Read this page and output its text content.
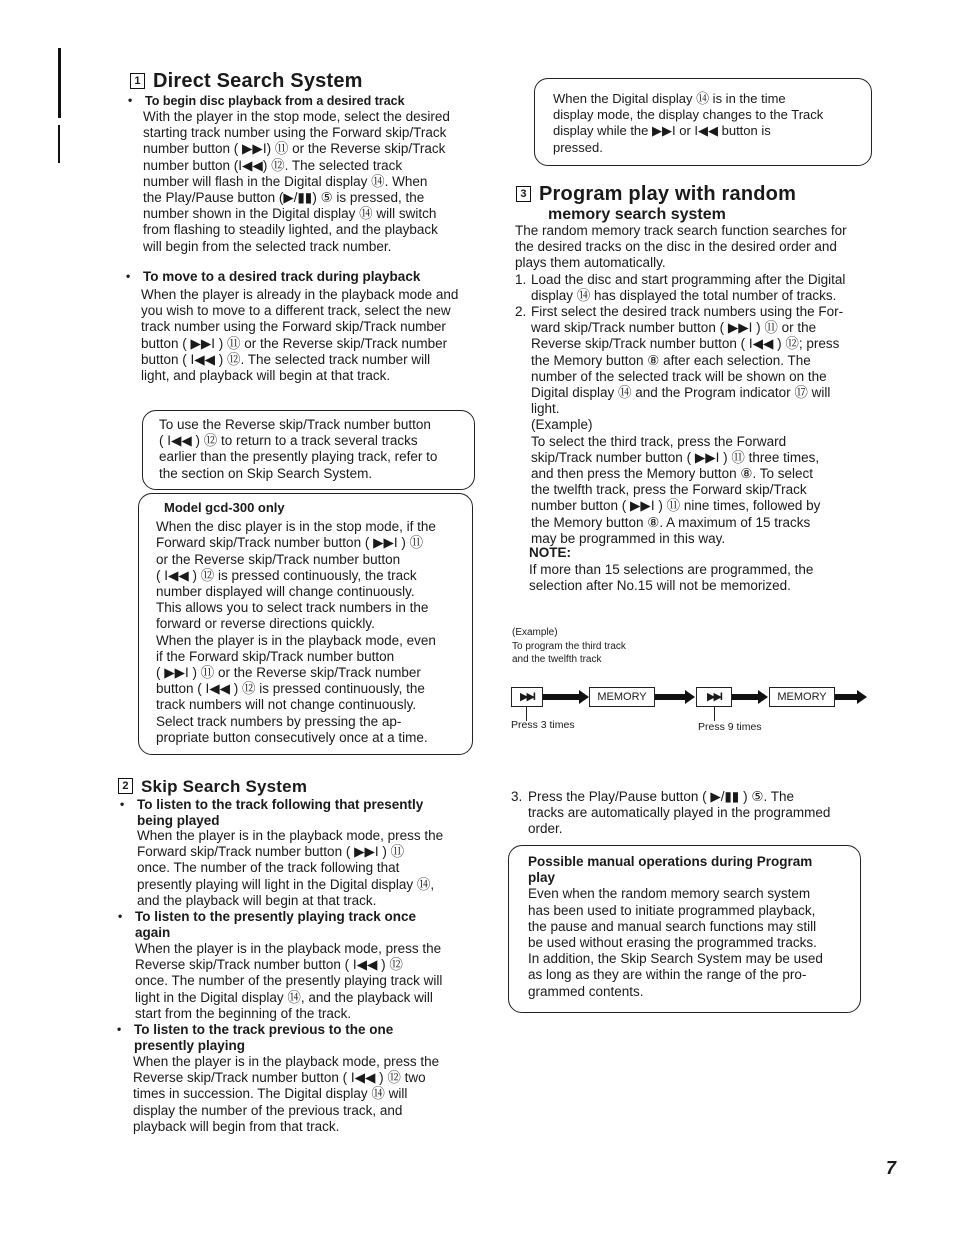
1 Direct Search System
• To begin disc playback from a desired track
With the player in the stop mode, select the desired
starting track number using the Forward skip/Track
number button ( ▶▶I) ⑪ or the Reverse skip/Track
number button (I◀◀) ⑫. The selected track
number will flash in the Digital display ⑭. When
the Play/Pause button (▶/▮▮) ⑤ is pressed, the
number shown in the Digital display ⑭ will switch
from flashing to steadily lighted, and the playback
will begin from the selected track number.
• To move to a desired track during playback
When the player is already in the playback mode and
you wish to move to a different track, select the new
track number using the Forward skip/Track number
button ( ▶▶I ) ⑪ or the Reverse skip/Track number
button ( I◀◀ ) ⑫. The selected track number will
light, and playback will begin at that track.
To use the Reverse skip/Track number button
( I◀◀ ) ⑫ to return to a track several tracks
earlier than the presently playing track, refer to
the section on Skip Search System.
Model gcd-300 only
When the disc player is in the stop mode, if the
Forward skip/Track number button ( ▶▶I ) ⑪
or the Reverse skip/Track number button
( I◀◀ ) ⑫ is pressed continuously, the track
number displayed will change continuously.
This allows you to select track numbers in the
forward or reverse directions quickly.
When the player is in the playback mode, even
if the Forward skip/Track number button
( ▶▶I ) ⑪ or the Reverse skip/Track number
button ( I◀◀ ) ⑫ is pressed continuously, the
track numbers will not change continuously.
Select track numbers by pressing the ap-
propriate button consecutively once at a time.
2 Skip Search System
• To listen to the track following that presently
being played
When the player is in the playback mode, press the
Forward skip/Track number button ( ▶▶I ) ⑪
once. The number of the track following that
presently playing will light in the Digital display ⑭,
and the playback will begin at that track.
• To listen to the presently playing track once
again
When the player is in the playback mode, press the
Reverse skip/Track number button ( I◀◀ ) ⑫
once. The number of the presently playing track will
light in the Digital display ⑭, and the playback will
start from the beginning of the track.
• To listen to the track previous to the one
presently playing
When the player is in the playback mode, press the
Reverse skip/Track number button ( I◀◀ ) ⑫ two
times in succession. The Digital display ⑭ will
display the number of the previous track, and
playback will begin from that track.
When the Digital display ⑭ is in the time
display mode, the display changes to the Track
display while the ▶▶I or I◀◀ button is
pressed.
3 Program play with random
memory search system
The random memory track search function searches for
the desired tracks on the disc in the desired order and
plays them automatically.
1. Load the disc and start programming after the Digital
display ⑭ has displayed the total number of tracks.
2. First select the desired track numbers using the For-
ward skip/Track number button ( ▶▶I ) ⑪ or the
Reverse skip/Track number button ( I◀◀ ) ⑫; press
the Memory button ⑧ after each selection. The
number of the selected track will be shown on the
Digital display ⑭ and the Program indicator ⑰ will
light.
(Example)
To select the third track, press the Forward
skip/Track number button ( ▶▶I ) ⑪ three times,
and then press the Memory button ⑧. To select
the twelfth track, press the Forward skip/Track
number button ( ▶▶I ) ⑪ nine times, followed by
the Memory button ⑧. A maximum of 15 tracks
may be programmed in this way.
NOTE:
If more than 15 selections are programmed, the
selection after No.15 will not be memorized.
(Example)
To program the third track
and the twelfth track
▶▶I	MEMORY	▶▶I	MEMORY
Press 3 times	Press 9 times
3. Press the Play/Pause button ( ▶/▮▮ ) ⑤. The
tracks are automatically played in the programmed
order.
Possible manual operations during Program
play
Even when the random memory search system
has been used to initiate programmed playback,
the pause and manual search functions may still
be used without erasing the programmed tracks.
In addition, the Skip Search System may be used
as long as they are within the range of the pro-
grammed contents.
7
